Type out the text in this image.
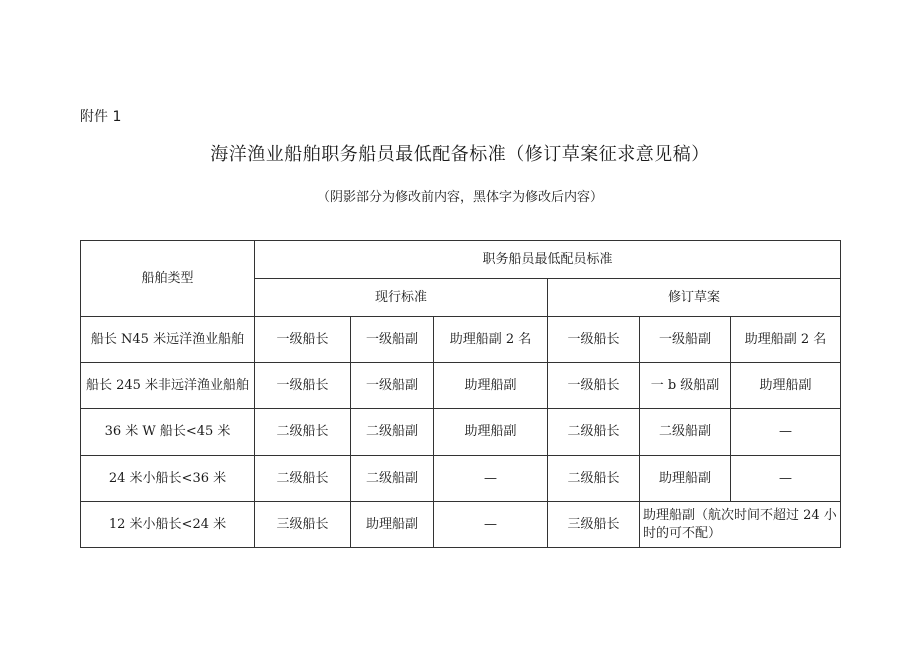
附件 1
海洋渔业船舶职务船员最低配备标准（修订草案征求意见稿）
（阴影部分为修改前内容，黑体字为修改后内容）
船舶类型	职务船员最低配员标准					
	现行标准			修订草案		
船长 N45 米远洋渔业船舶	一级船长	一级船副	助理船副 2 名	一级船长	一级船副	助理船副 2 名
船长 245 米非远洋渔业船舶	一级船长	一级船副	助理船副	一级船长	一 b 级船副	助理船副
36 米 W 船长<45 米	二级船长	二级船副	助理船副	二级船长	二级船副	—
24 米小船长<36 米	二级船长	二级船副	—	二级船长	助理船副	—
12 米小船长<24 米	三级船长	助理船副	—	三级船长	助理船副（航次时间不超过 24 小时的可不配）	
